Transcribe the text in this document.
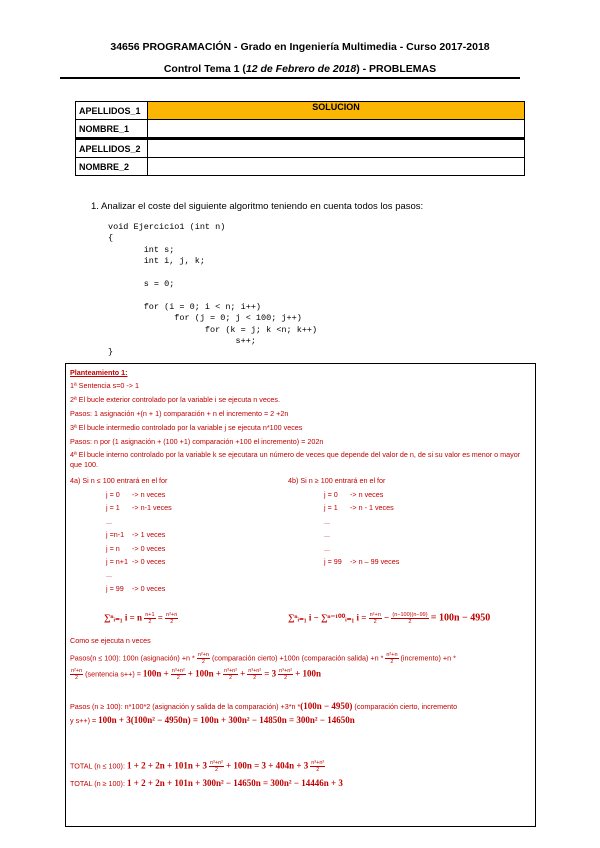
34656 PROGRAMACIÓN - Grado en Ingeniería Multimedia - Curso 2017-2018
Control Tema 1 (12 de Febrero de 2018) - PROBLEMAS
APELLIDOS_1	SOLUCION
NOMBRE_1	
APELLIDOS_2	
NOMBRE_2	
1. Analizar el coste del siguiente algoritmo teniendo en cuenta todos los pasos:
void Ejercicio1 (int n)
{
int s;
int i, j, k;

s = 0;

for (i = 0; i < n; i++)
for (j = 0; j < 100; j++)
for (k = j; k <n; k++)
s++;
}
Planteamiento 1:
1ª Sentencia s=0 -> 1
2ª El bucle exterior controlado por la variable i se ejecuta n veces.
Pasos: 1 asignación +(n + 1) comparación + n el incremento = 2 +2n
3ª El bucle intermedio controlado por la variable j se ejecuta n*100 veces
Pasos: n por (1 asignación + (100 +1) comparación +100 el incremento) = 202n
4ª El bucle interno controlado por la variable k se ejecutara un número de veces que depende del valor de n, de si su valor es menor o mayor que 100.
4a) Si n ≤ 100 entrará en el for
j = 0 -> n veces
j = 1 -> n-1 veces
...
j =n-1 -> 1 veces
j = n -> 0 veces
j = n+1 -> 0 veces
...
j = 99 -> 0 veces
4b) Si n ≥ 100 entrará en el for
j = 0 -> n veces
j = 1 -> n - 1 veces
...
...
...
j = 99 -> n – 99 veces
∑ⁿᵢ₌₁ i = n $\frac{n+1}{2} = \frac{\text{n²+n}}{2}$	∑ⁿᵢ₌₁ i − ∑ⁿ⁻¹⁰⁰ᵢ₌₁ $i = \frac{\text{n²+n}}{2} - \frac{(n-100)(n-99)}{2} = 100n - 4950$
Como se ejecuta n veces
Pasos(n ≤ 100): 100n (asignación) $+n * \frac{\text{n²+n}}{2}$ (comparación cierto) +100n (comparación salida) $+n * \frac{\text{n²+n}}{2}$ (incremento) +n *
$\frac{\text{n²+n}}{2}$ (sentencia $s++) = 100n + \frac{\text{n³+n²}}{2} + 100n + \frac{\text{n³+n²}}{2} + \frac{\text{n³+n²}}{2} = 3 \frac{\text{n³+n²}}{2} + 100n$
Pasos (n ≥ 100): n*100*2 (asignación y salida de la comparación) +3*n *(100n − 4950) (comparación cierto, incremento
y s++) = 100n + 3(100n² − 4950n) = 100n + 300n² − 14850n = 300n² − 14650n
TOTAL (n ≤ 100): $1 + 2 + 2n + 101n + 3 \frac{\text{n³+n²}}{2} + 100n = 3 + 404n + 3 \frac{\text{n³+n²}}{2}$
TOTAL (n ≥ 100): 1 + 2 + 2n + 101n + 300n² − 14650n = 300n² − 14446n + 3
